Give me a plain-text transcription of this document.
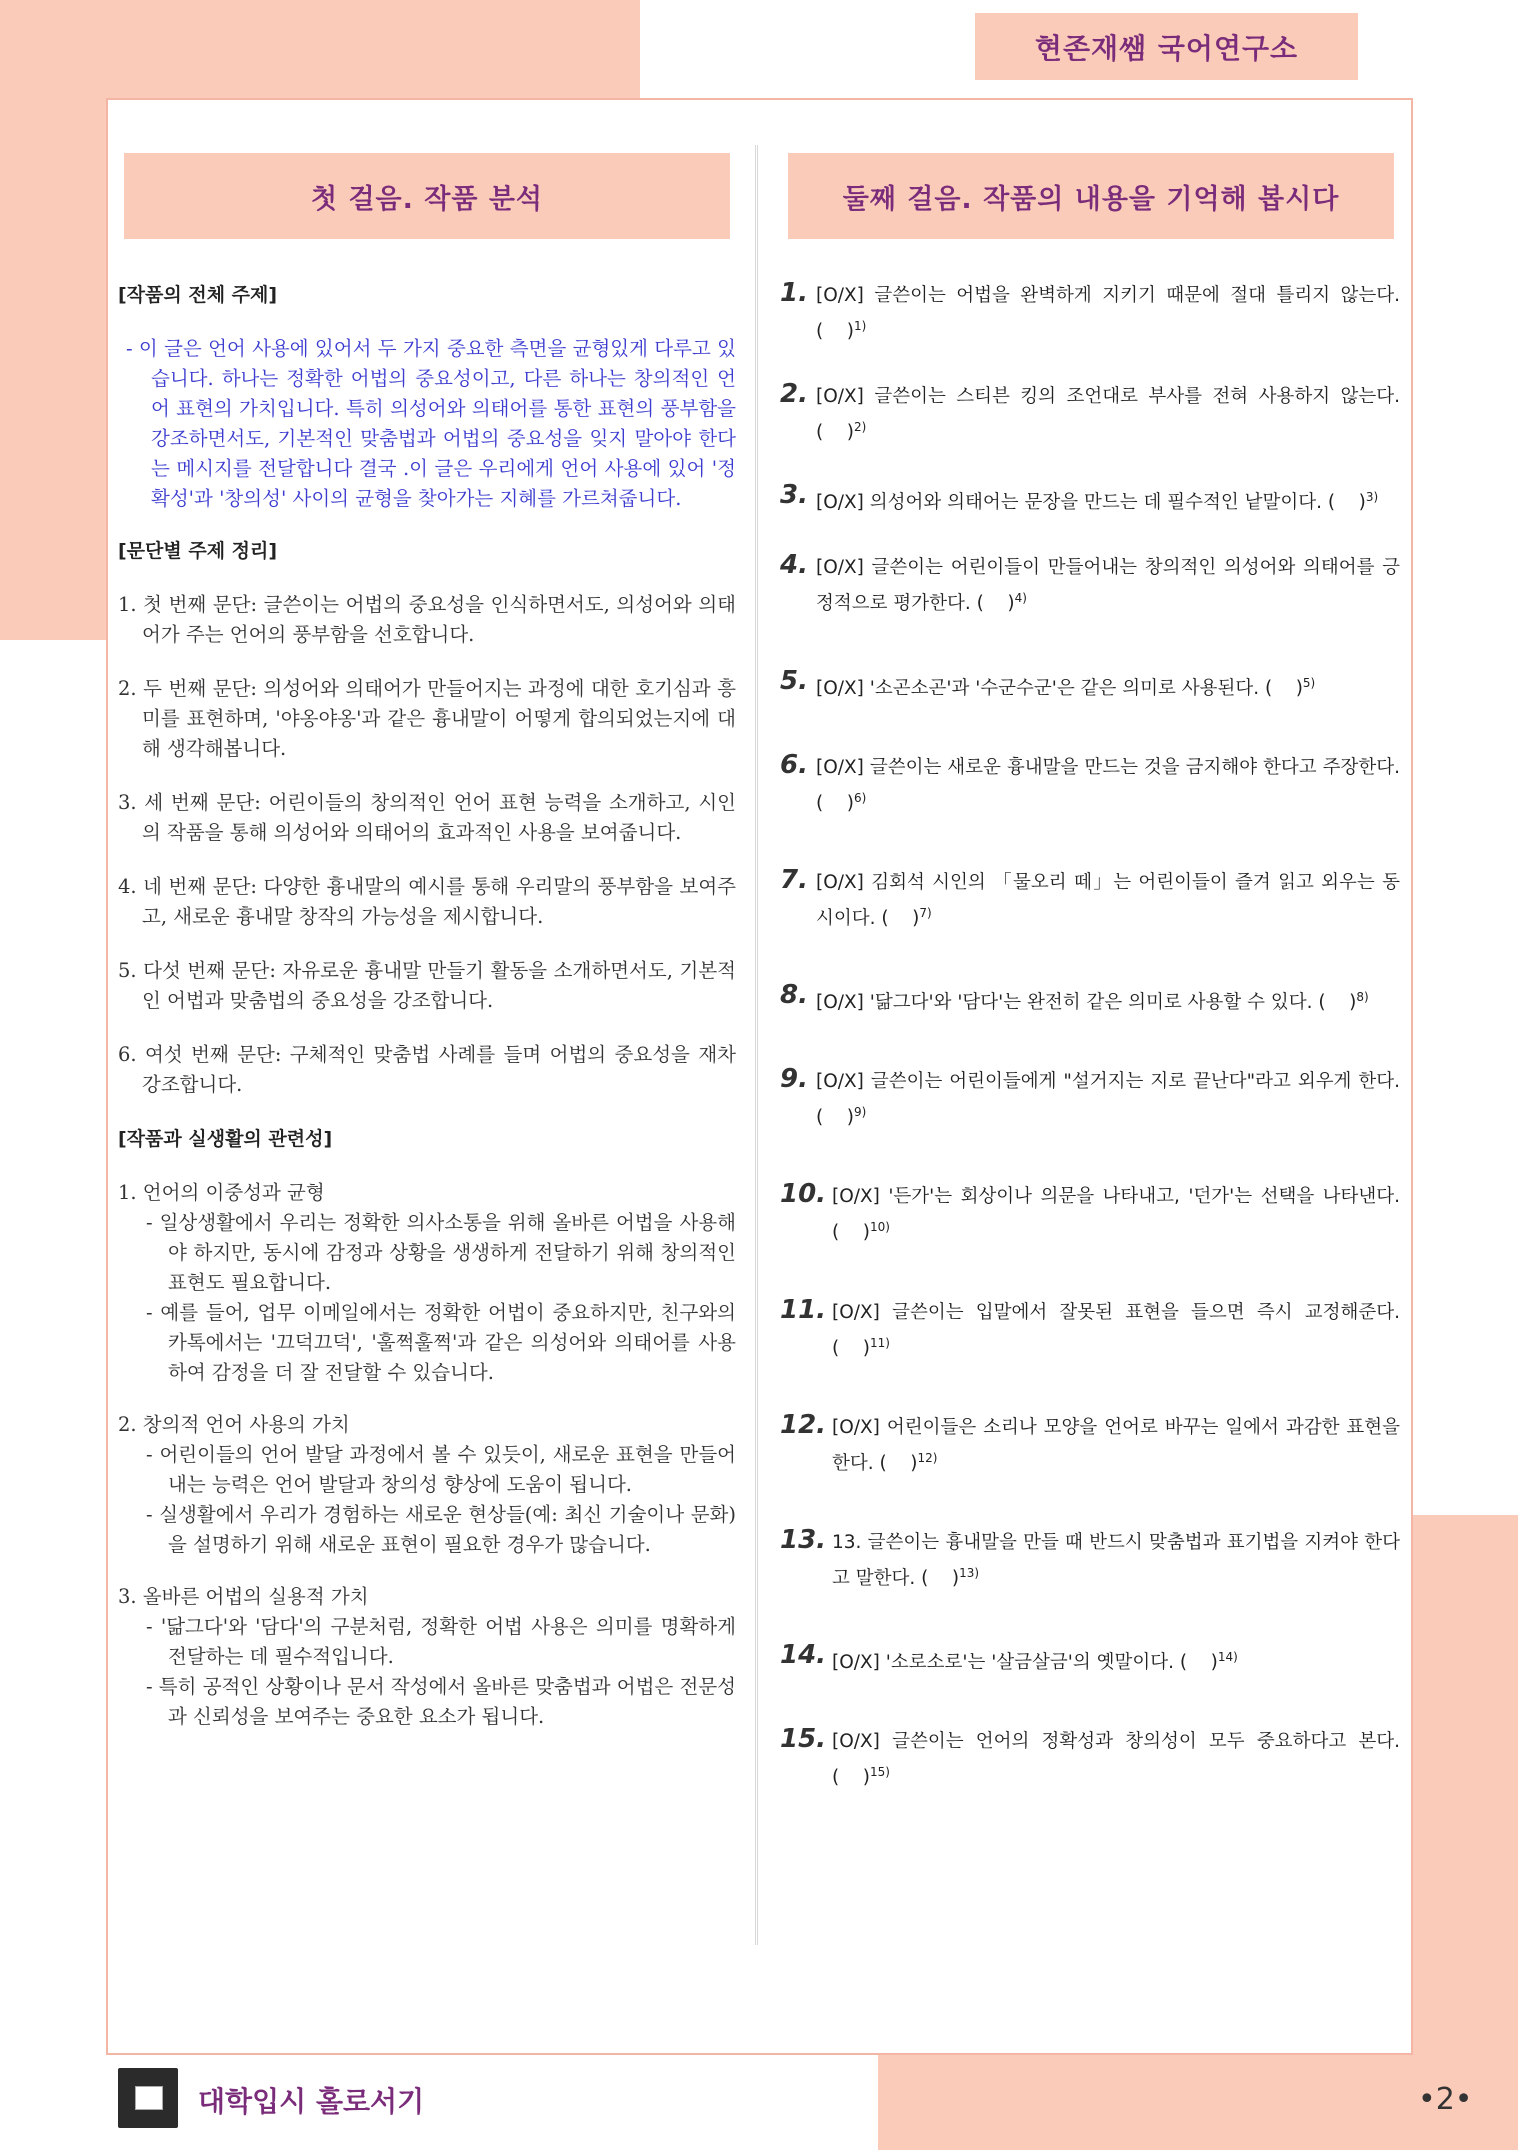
현존재쌤 국어연구소
첫 걸음. 작품 분석	둘째 걸음. 작품의 내용을 기억해 봅시다
[작품의 전체 주제]
- 이 글은 언어 사용에 있어서 두 가지 중요한 측면을 균형있게 다루고 있습니다. 하나는 정확한 어법의 중요성이고, 다른 하나는 창의적인 언어 표현의 가치입니다. 특히 의성어와 의태어를 통한 표현의 풍부함을 강조하면서도, 기본적인 맞춤법과 어법의 중요성을 잊지 말아야 한다는 메시지를 전달합니다 결국 .이 글은 우리에게 언어 사용에 있어 '정확성'과 '창의성' 사이의 균형을 찾아가는 지혜를 가르쳐줍니다.
[문단별 주제 정리]
1. 첫 번째 문단: 글쓴이는 어법의 중요성을 인식하면서도, 의성어와 의태어가 주는 언어의 풍부함을 선호합니다.
2. 두 번째 문단: 의성어와 의태어가 만들어지는 과정에 대한 호기심과 흥미를 표현하며, '야옹야옹'과 같은 흉내말이 어떻게 합의되었는지에 대해 생각해봅니다.
3. 세 번째 문단: 어린이들의 창의적인 언어 표현 능력을 소개하고, 시인의 작품을 통해 의성어와 의태어의 효과적인 사용을 보여줍니다.
4. 네 번째 문단: 다양한 흉내말의 예시를 통해 우리말의 풍부함을 보여주고, 새로운 흉내말 창작의 가능성을 제시합니다.
5. 다섯 번째 문단: 자유로운 흉내말 만들기 활동을 소개하면서도, 기본적인 어법과 맞춤법의 중요성을 강조합니다.
6. 여섯 번째 문단: 구체적인 맞춤법 사례를 들며 어법의 중요성을 재차 강조합니다.
[작품과 실생활의 관련성]
1. 언어의 이중성과 균형
- 일상생활에서 우리는 정확한 의사소통을 위해 올바른 어법을 사용해야 하지만, 동시에 감정과 상황을 생생하게 전달하기 위해 창의적인 표현도 필요합니다.
- 예를 들어, 업무 이메일에서는 정확한 어법이 중요하지만, 친구와의 카톡에서는 '끄덕끄덕', '훌쩍훌쩍'과 같은 의성어와 의태어를 사용하여 감정을 더 잘 전달할 수 있습니다.
2. 창의적 언어 사용의 가치
- 어린이들의 언어 발달 과정에서 볼 수 있듯이, 새로운 표현을 만들어내는 능력은 언어 발달과 창의성 향상에 도움이 됩니다.
- 실생활에서 우리가 경험하는 새로운 현상들(예: 최신 기술이나 문화)을 설명하기 위해 새로운 표현이 필요한 경우가 많습니다.
3. 올바른 어법의 실용적 가치
- '닮그다'와 '담다'의 구분처럼, 정확한 어법 사용은 의미를 명확하게 전달하는 데 필수적입니다.
- 특히 공적인 상황이나 문서 작성에서 올바른 맞춤법과 어법은 전문성과 신뢰성을 보여주는 중요한 요소가 됩니다.
1. [O/X] 글쓴이는 어법을 완벽하게 지키기 때문에 절대 틀리지 않는다. (    )$^{1)}$
2. [O/X] 글쓴이는 스티븐 킹의 조언대로 부사를 전혀 사용하지 않는다. (    )$^{2)}$
3. [O/X] 의성어와 의태어는 문장을 만드는 데 필수적인 낱말이다. (    )$^{3)}$
4. [O/X] 글쓴이는 어린이들이 만들어내는 창의적인 의성어와 의태어를 긍정적으로 평가한다. (    )$^{4)}$
5. [O/X] '소곤소곤'과 '수군수군'은 같은 의미로 사용된다. (    )$^{5)}$
6. [O/X] 글쓴이는 새로운 흉내말을 만드는 것을 금지해야 한다고 주장한다. (    )$^{6)}$
7. [O/X] 김회석 시인의 「물오리 떼」는 어린이들이 즐겨 읽고 외우는 동시이다. (    )$^{7)}$
8. [O/X] '닮그다'와 '담다'는 완전히 같은 의미로 사용할 수 있다. (    )$^{8)}$
9. [O/X] 글쓴이는 어린이들에게 "설거지는 지로 끝난다"라고 외우게 한다. (    )$^{9)}$
10. [O/X] '든가'는 회상이나 의문을 나타내고, '던가'는 선택을 나타낸다. (    )$^{10)}$
11. [O/X] 글쓴이는 입말에서 잘못된 표현을 들으면 즉시 교정해준다. (    )$^{11)}$
12. [O/X] 어린이들은 소리나 모양을 언어로 바꾸는 일에서 과감한 표현을 한다. (    )$^{12)}$
13. 13. 글쓴이는 흉내말을 만들 때 반드시 맞춤법과 표기법을 지켜야 한다고 말한다. (    )$^{13)}$
14. [O/X] '소로소로'는 '살금살금'의 옛말이다. (    )$^{14)}$
15. [O/X] 글쓴이는 언어의 정확성과 창의성이 모두 중요하다고 본다. (    )$^{15)}$
대학입시 홀로서기	•2•
